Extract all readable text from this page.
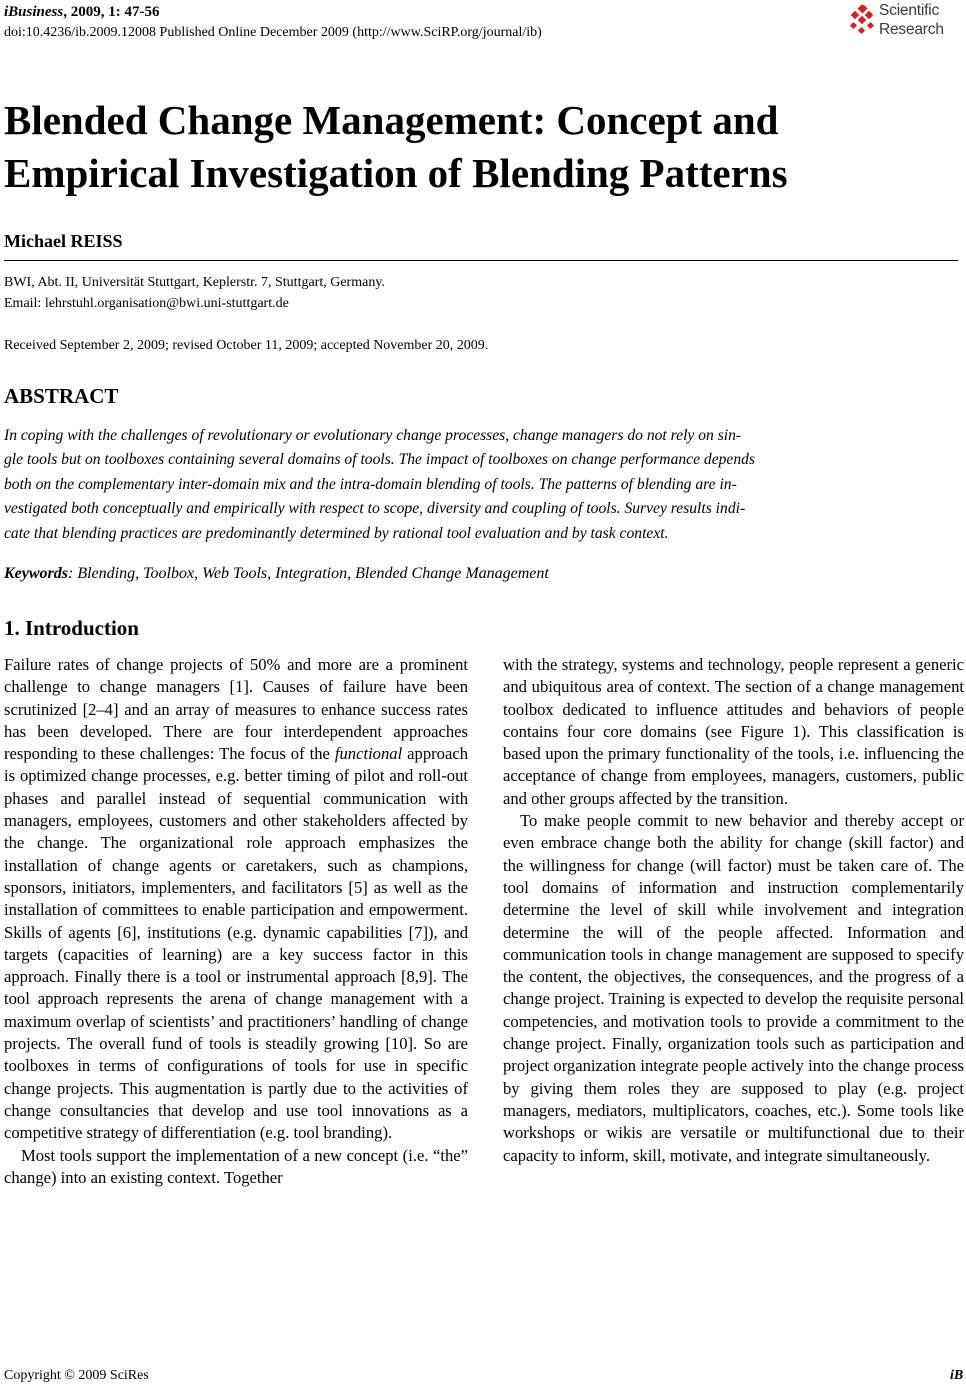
iBusiness, 2009, 1: 47-56
doi:10.4236/ib.2009.12008 Published Online December 2009 (http://www.SciRP.org/journal/ib)
Scientific
Research
Blended Change Management: Concept and
Empirical Investigation of Blending Patterns
Michael REISS
BWI, Abt. II, Universität Stuttgart, Keplerstr. 7, Stuttgart, Germany.
Email: lehrstuhl.organisation@bwi.uni-stuttgart.de
Received September 2, 2009; revised October 11, 2009; accepted November 20, 2009.
ABSTRACT
In coping with the challenges of revolutionary or evolutionary change processes, change managers do not rely on sin-
gle tools but on toolboxes containing several domains of tools. The impact of toolboxes on change performance depends
both on the complementary inter-domain mix and the intra-domain blending of tools. The patterns of blending are in-
vestigated both conceptually and empirically with respect to scope, diversity and coupling of tools. Survey results indi-
cate that blending practices are predominantly determined by rational tool evaluation and by task context.
Keywords: Blending, Toolbox, Web Tools, Integration, Blended Change Management
1. Introduction

Failure rates of change projects of 50% and more are a prominent challenge to change managers [1]. Causes of failure have been scrutinized [2–4] and an array of measures to enhance success rates has been developed. There are four interdependent approaches responding to these challenges: The focus of the functional approach is optimized change processes, e.g. better timing of pilot and roll-out phases and parallel instead of sequential communication with managers, employees, customers and other stakeholders affected by the change. The organizational role approach emphasizes the installation of change agents or caretakers, such as champions, sponsors, initiators, implementers, and facilitators [5] as well as the installation of committees to enable participation and empowerment. Skills of agents [6], institutions (e.g. dynamic capabilities [7]), and targets (capacities of learning) are a key success factor in this approach. Finally there is a tool or instrumental approach [8,9]. The tool approach represents the arena of change management with a maximum overlap of scientists’ and practitioners’ handling of change projects. The overall fund of tools is steadily growing [10]. So are toolboxes in terms of configurations of tools for use in specific change projects. This augmentation is partly due to the activities of change consultancies that develop and use tool innovations as a competitive strategy of differentiation (e.g. tool branding).

Most tools support the implementation of a new concept (i.e. “the” change) into an existing context. Together

with the strategy, systems and technology, people represent a generic and ubiquitous area of context. The section of a change management toolbox dedicated to influence attitudes and behaviors of people contains four core domains (see Figure 1). This classification is based upon the primary functionality of the tools, i.e. influencing the acceptance of change from employees, managers, customers, public and other groups affected by the transition.

To make people commit to new behavior and thereby accept or even embrace change both the ability for change (skill factor) and the willingness for change (will factor) must be taken care of. The tool domains of information and instruction complementarily determine the level of skill while involvement and integration determine the will of the people affected. Information and communication tools in change management are supposed to specify the content, the objectives, the consequences, and the progress of a change project. Training is expected to develop the requisite personal competencies, and motivation tools to provide a commitment to the change project. Finally, organization tools such as participation and project organization integrate people actively into the change process by giving them roles they are supposed to play (e.g. project managers, mediators, multiplicators, coaches, etc.). Some tools like workshops or wikis are versatile or multifunctional due to their capacity to inform, skill, motivate, and integrate simultaneously.

Copyright © 2009 SciRes	iB
